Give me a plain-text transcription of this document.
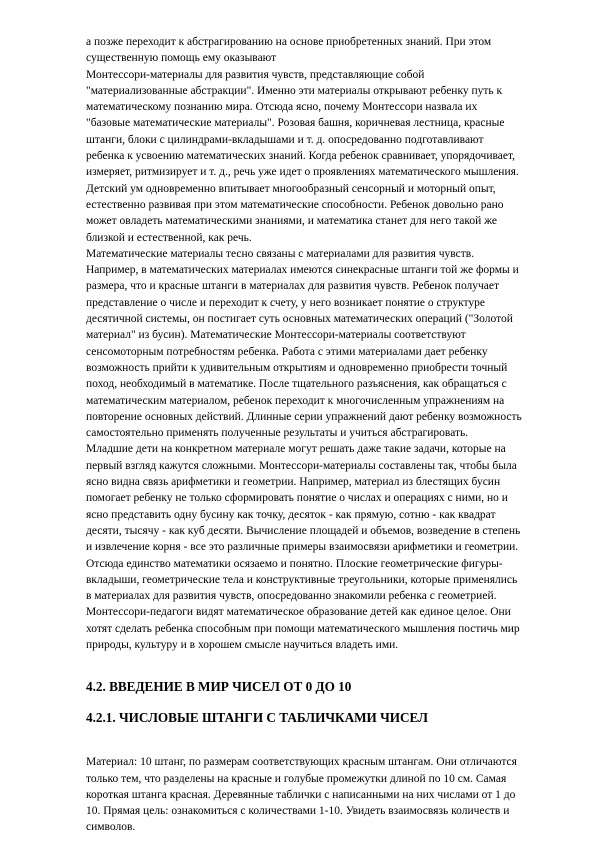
а позже переходит к абстрагированию на основе приобретенных знаний. При этом существенную помощь ему оказывают

Монтессори-материалы для развития чувств, представляющие собой "материализованные абстракции". Именно эти материалы открывают ребенку путь к математическому познанию мира. Отсюда ясно, почему Монтессори назвала их "базовые математические материалы". Розовая башня, коричневая лестница, красные штанги, блоки с цилиндрами-вкладышами и т. д. опосредованно подготавливают ребенка к усвоению математических знаний. Когда ребенок сравнивает, упорядочивает, измеряет, ритмизирует и т. д., речь уже идет о проявлениях математического мышления. Детский ум одновременно впитывает многообразный сенсорный и моторный опыт, естественно развивая при этом математические способности. Ребенок довольно рано может овладеть математическими знаниями, и математика станет для него такой же близкой и естественной, как речь.

Математические материалы тесно связаны с материалами для развития чувств. Например, в математических материалах имеются синекрасные штанги той же формы и размера, что и красные штанги в материалах для развития чувств. Ребенок получает представление о числе и переходит к счету, у него возникает понятие о структуре десятичной системы, он постигает суть основных математических операций ("Золотой материал" из бусин). Математические Монтессори-материалы соответствуют сенсомоторным потребностям ребенка. Работа с этими материалами дает ребенку возможность прийти к удивительным открытиям и одновременно приобрести точный поход, необходимый в математике. После тщательного разъяснения, как обращаться с математическим материалом, ребенок переходит к многочисленным упражнениям на повторение основных действий. Длинные серии упражнений дают ребенку возможность самостоятельно применять полученные результаты и учиться абстрагировать.

Младшие дети на конкретном материале могут решать даже такие задачи, которые на первый взгляд кажутся сложными. Монтессори-материалы составлены так, чтобы была ясно видна связь арифметики и геометрии. Например, материал из блестящих бусин помогает ребенку не только сформировать понятие о числах и операциях с ними, но и ясно представить одну бусину как точку, десяток - как прямую, сотню - как квадрат десяти, тысячу - как куб десяти. Вычисление площадей и объемов, возведение в степень и извлечение корня - все это различные примеры взаимосвязи арифметики и геометрии. Отсюда единство математики осязаемо и понятно. Плоские геометрические фигуры-вкладыши, геометрические тела и конструктивные треугольники, которые применялись в материалах для развития чувств, опосредованно знакомили ребенка с геометрией. Монтессори-педагоги видят математическое образование детей как единое целое. Они хотят сделать ребенка способным при помощи математического мышления постичь мир природы, культуру и в хорошем смысле научиться владеть ими.

4.2. ВВЕДЕНИЕ В МИР ЧИСЕЛ ОТ 0 ДО 10
4.2.1. ЧИСЛОВЫЕ ШТАНГИ С ТАБЛИЧКАМИ ЧИСЕЛ

Материал: 10 штанг, по размерам соответствующих красным штангам. Они отличаются только тем, что разделены на красные и голубые промежутки длиной по 10 см. Самая короткая штанга красная. Деревянные таблички с написанными на них числами от 1 до 10. Прямая цель: ознакомиться с количествами 1-10. Увидеть взаимосвязь количеств и символов.
